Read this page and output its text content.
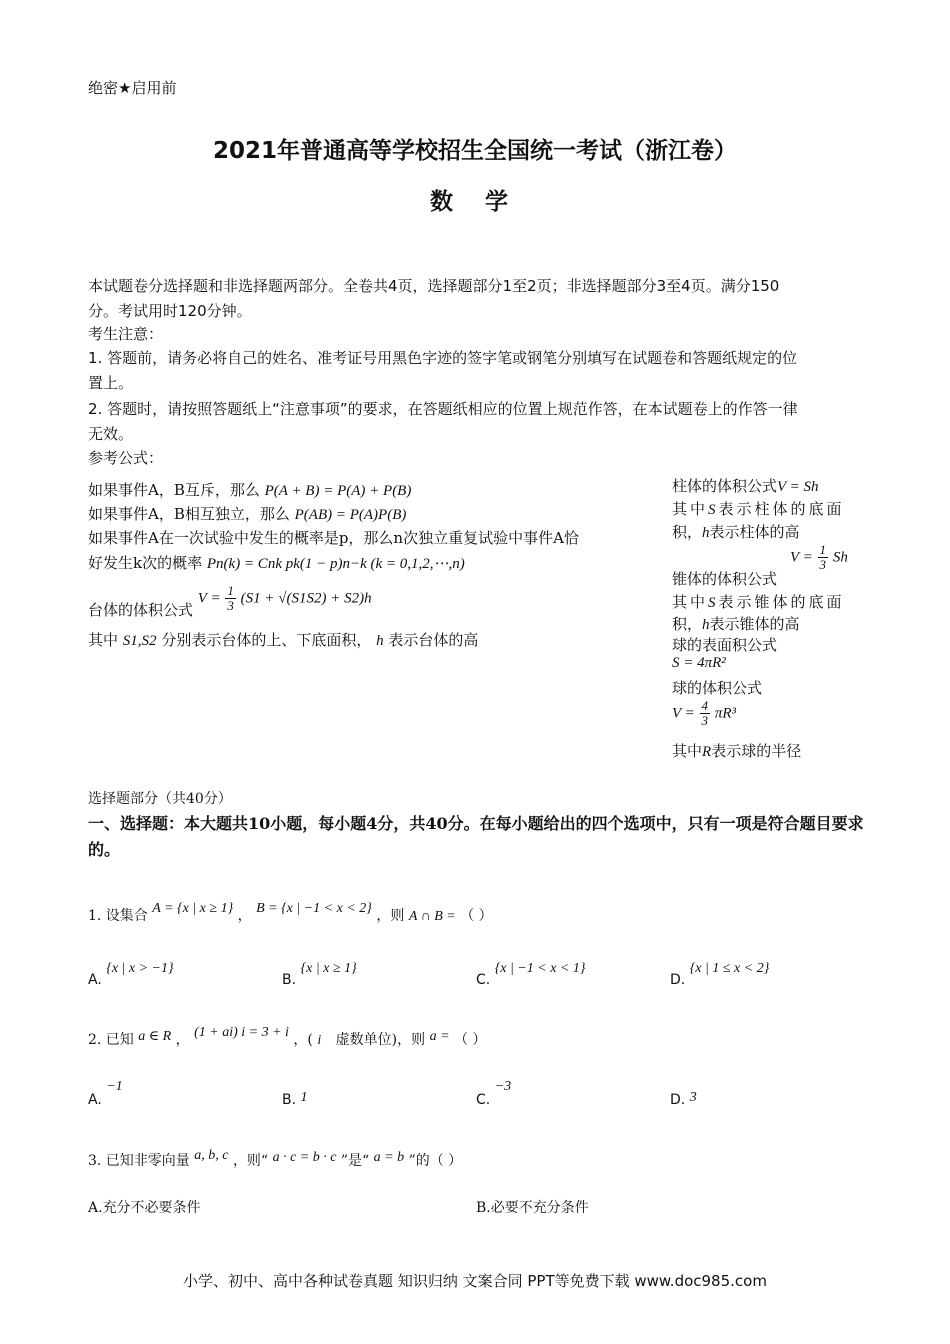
绝密★启用前
2021年普通高等学校招生全国统一考试（浙江卷）
数 学
本试题卷分选择题和非选择题两部分。全卷共4页，选择题部分1至2页；非选择题部分3至4页。满分150
分。考试用时120分钟。
考生注意：
1. 答题前，请务必将自己的姓名、准考证号用黑色字迹的签字笔或钢笔分别填写在试题卷和答题纸规定的位
置上。
2. 答题时，请按照答题纸上“注意事项”的要求，在答题纸相应的位置上规范作答，在本试题卷上的作答一律
无效。
参考公式：
如果事件A，B互斥，那么 P(A + B) = P(A) + P(B)
如果事件A，B相互独立，那么 P(AB) = P(A)P(B)
如果事件A在一次试验中发生的概率是p，那么n次独立重复试验中事件A恰
好发生k次的概率 Pn(k) = Cnk pk(1 − p)n−k (k = 0,1,2,⋯,n)
台体的体积公式 $V = \frac{1}{3} (S1 + √(S1S2) + S2)h$
其中 S1,S2 分别表示台体的上、下底面积， h 表示台体的高
柱体的体积公式V = Sh
其中S表示柱体的底面
积，h表示柱体的高
$V = \frac{1}{3}$ Sh
锥体的体积公式
其中S表示锥体的底面
积，h表示锥体的高
球的表面积公式
S = 4πR²
球的体积公式
$V = \frac{4}{3} \pi R^3$
其中R表示球的半径
选择题部分（共40分）
一、选择题：本大题共10小题，每小题4分，共40分。在每小题给出的四个选项中，只有一项是符合题目要求的。
1. 设集合 A = {x | x ≥ 1} ， B = {x | −1 < x < 2} ，则 A ∩ B = （ ）
A. {x | x > −1}
B. {x | x ≥ 1}
C. {x | −1 < x < 1}
D. {x | 1 ≤ x < 2}
2. 已知 a ∈ R ， (1 + ai) i = 3 + i ，( i 虚数单位)，则 a = （ ）
A. −1
B. 1	C. −3
D. 3
3. 已知非零向量 a, b, c ，则“ a · c = b · c ”是“ a = b ”的（ ）
A.充分不必要条件	B.必要不充分条件
小学、初中、高中各种试卷真题 知识归纳 文案合同 PPT等免费下载 www.doc985.com
